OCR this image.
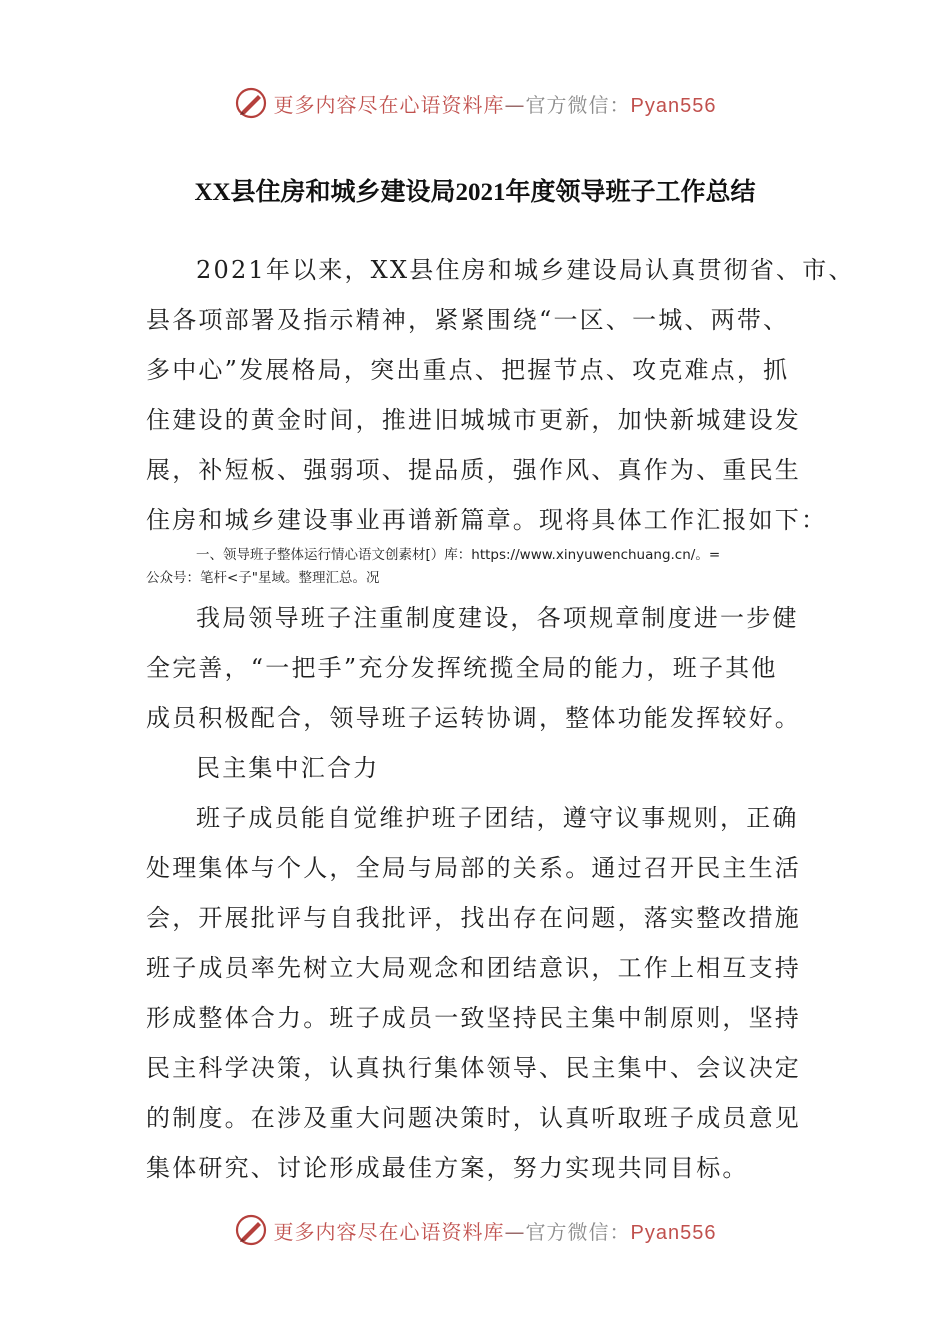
更多内容尽在心语资料库—官方微信：Pyan556
XX县住房和城乡建设局2021年度领导班子工作总结
2021年以来，XX县住房和城乡建设局认真贯彻省、市、
县各项部署及指示精神，紧紧围绕“一区、一城、两带、
多中心”发展格局，突出重点、把握节点、攻克难点，抓
住建设的黄金时间，推进旧城城市更新，加快新城建设发
展，补短板、强弱项、提品质，强作风、真作为、重民生
住房和城乡建设事业再谱新篇章。现将具体工作汇报如下：
一、领导班子整体运行情心语文创素材[）库：https://www.xinyuwenchuang.cn/。=
公众号：笔杆<子"星域。整理汇总。况
我局领导班子注重制度建设，各项规章制度进一步健
全完善，“一把手”充分发挥统揽全局的能力，班子其他
成员积极配合，领导班子运转协调，整体功能发挥较好。
民主集中汇合力
班子成员能自觉维护班子团结，遵守议事规则，正确
处理集体与个人，全局与局部的关系。通过召开民主生活
会，开展批评与自我批评，找出存在问题，落实整改措施
班子成员率先树立大局观念和团结意识，工作上相互支持
形成整体合力。班子成员一致坚持民主集中制原则，坚持
民主科学决策，认真执行集体领导、民主集中、会议决定
的制度。在涉及重大问题决策时，认真听取班子成员意见
集体研究、讨论形成最佳方案，努力实现共同目标。
更多内容尽在心语资料库—官方微信：Pyan556
